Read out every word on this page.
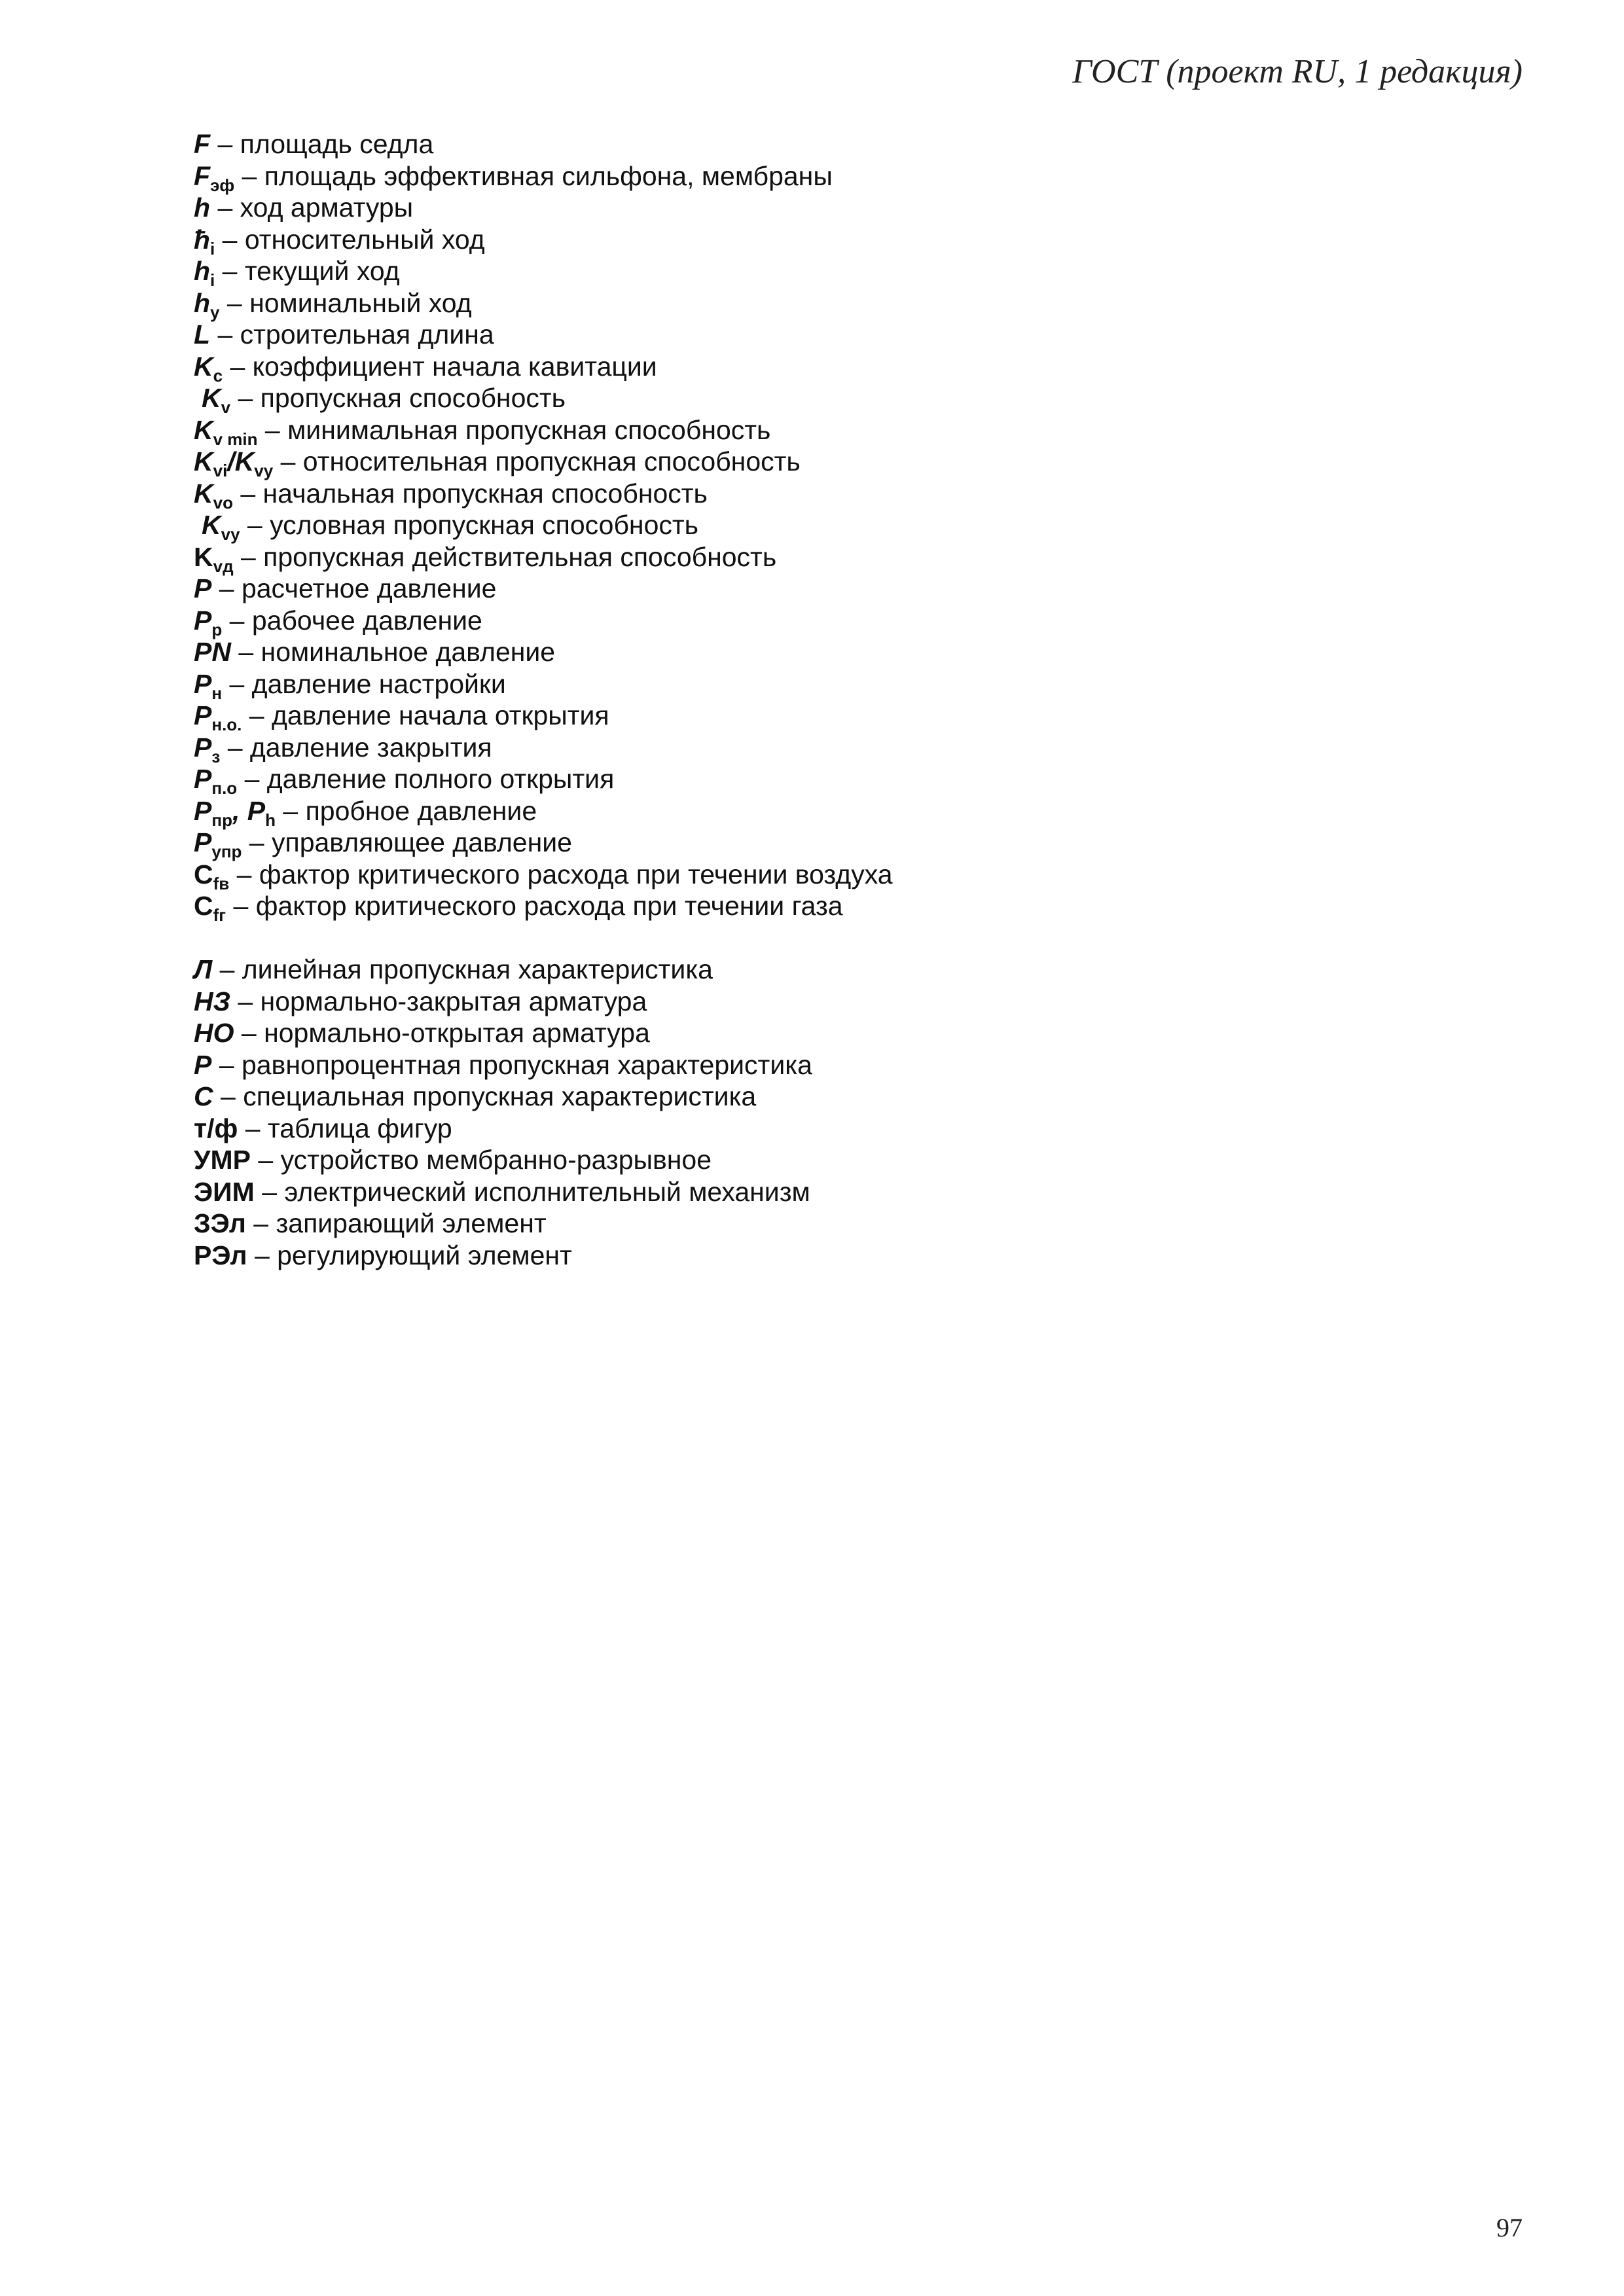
ГОСТ (проект RU, 1 редакция)
F – площадь седла
$F_{эф}$ – площадь эффективная сильфона, мембраны
h – ход арматуры
$ħ_i$ – относительный ход
$h_i$ – текущий ход
$h_у$ – номинальный ход
L – строительная длина
$K_c$ – коэффициент начала кавитации
$K_v$ – пропускная способность
$K_{v min}$ – минимальная пропускная способность
$K_{vi}/K_{vy}$ – относительная пропускная способность
$K_{vo}$ – начальная пропускная способность
$K_{vy}$ – условная пропускная способность
$K_{vд}$ – пропускная действительная способность
P – расчетное давление
$P_p$ – рабочее давление
PN – номинальное давление
$P_н$ – давление настройки
$P_{н.о.}$ – давление начала открытия
$P_з$ – давление закрытия
$P_{п.о}$ – давление полного открытия
$P_{пр}$, $P_h$ – пробное давление
$P_{упр}$ – управляющее давление
$C_{fв}$ – фактор критического расхода при течении воздуха
$C_{fг}$ – фактор критического расхода при течении газа
Л – линейная пропускная характеристика
НЗ – нормально-закрытая арматура
НО – нормально-открытая арматура
Р – равнопроцентная пропускная характеристика
С – специальная пропускная характеристика
т/ф – таблица фигур
УМР – устройство мембранно-разрывное
ЭИМ – электрический исполнительный механизм
ЗЭл – запирающий элемент
РЭл – регулирующий элемент
97
